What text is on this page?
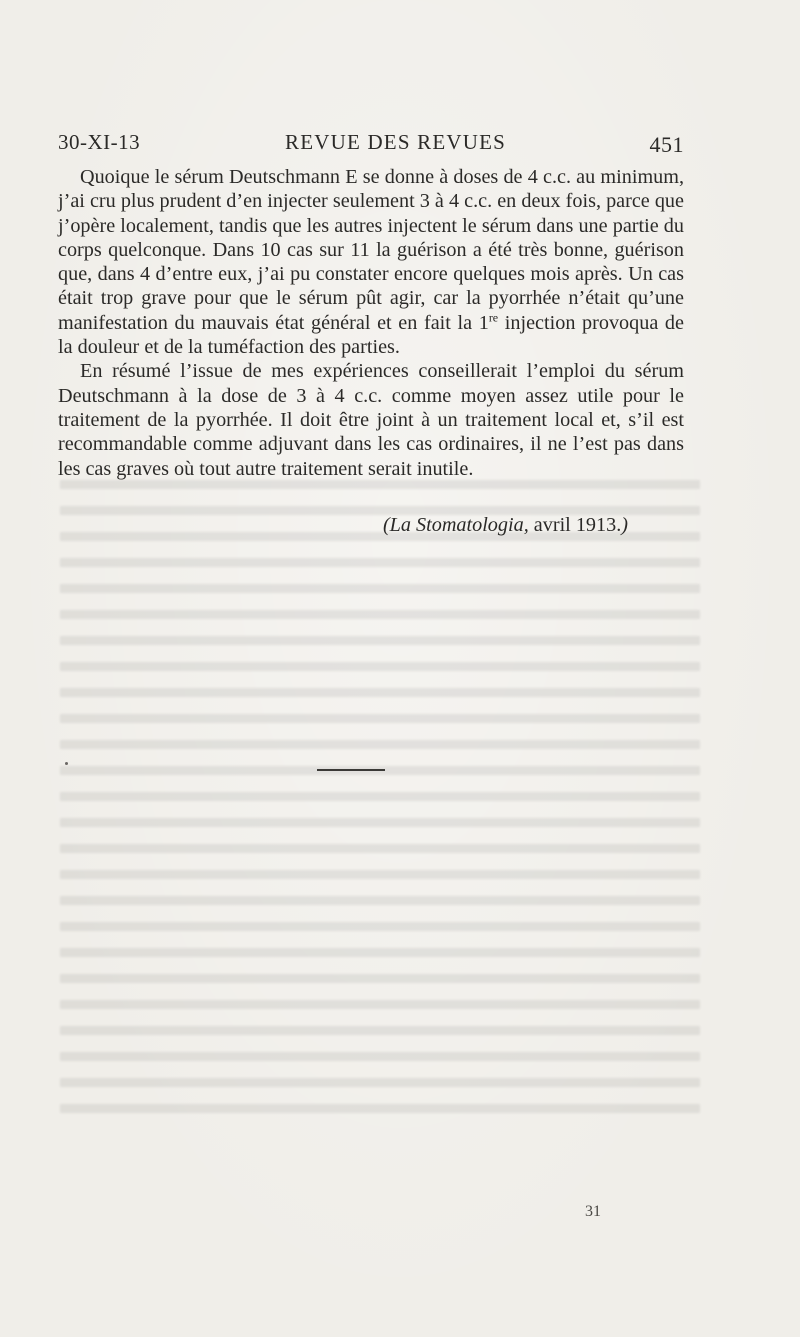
30-XI-13	REVUE DES REVUES	451

Quoique le sérum Deutschmann E se donne à doses de 4 c.c. au minimum, j’ai cru plus prudent d’en injecter seulement 3 à 4 c.c. en deux fois, parce que j’opère localement, tandis que les autres injectent le sérum dans une partie du corps quelconque. Dans 10 cas sur 11 la guérison a été très bonne, guérison que, dans 4 d’entre eux, j’ai pu constater encore quelques mois après. Un cas était trop grave pour que le sérum pût agir, car la pyorrhée n’était qu’une manifestation du mauvais état général et en fait la 1re injection provoqua de la douleur et de la tuméfaction des parties.

En résumé l’issue de mes expériences conseillerait l’emploi du sérum Deutschmann à la dose de 3 à 4 c.c. comme moyen assez utile pour le traitement de la pyorrhée. Il doit être joint à un traitement local et, s’il est recommandable comme adjuvant dans les cas ordinaires, il ne l’est pas dans les cas graves où tout autre traitement serait inutile.

(La Stomatologia, avril 1913.)
31
